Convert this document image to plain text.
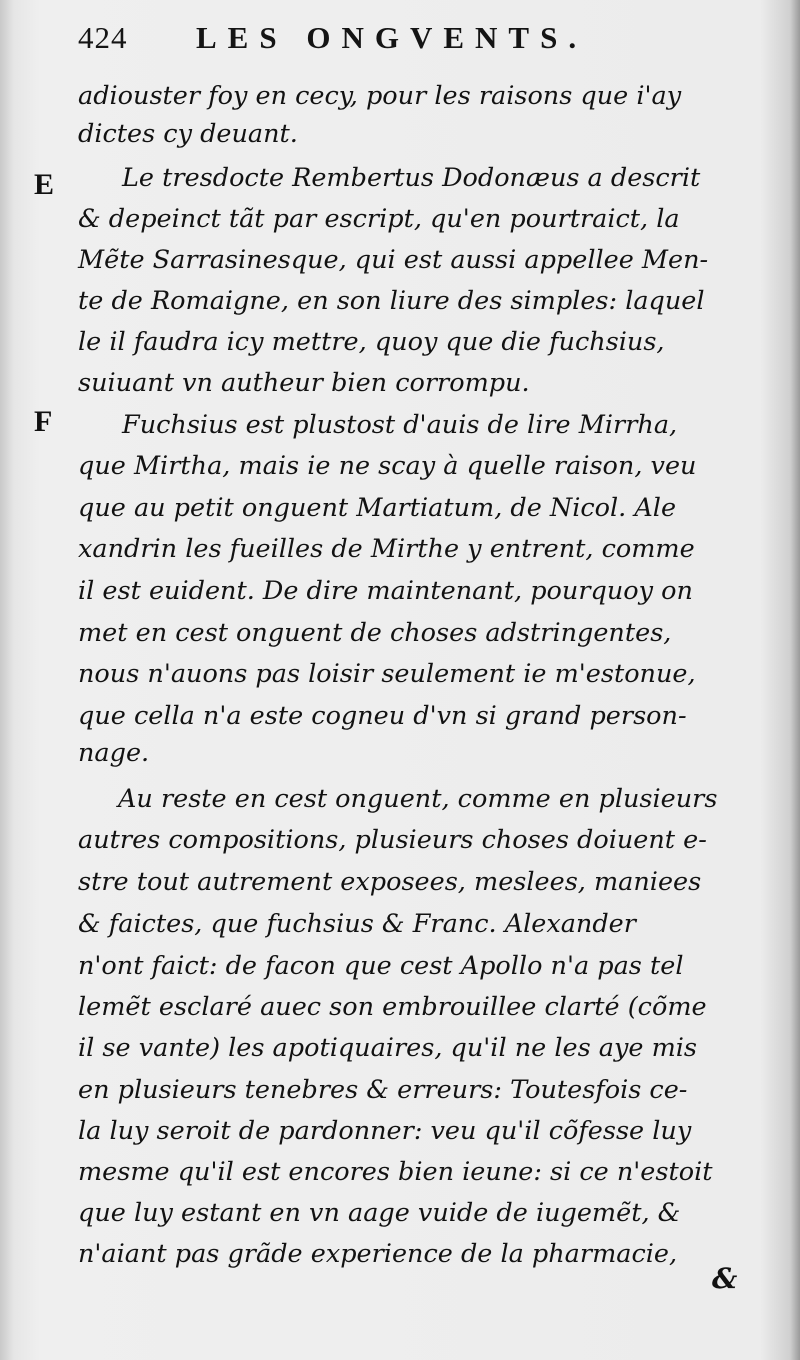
424 LES ONGVENTS.
E
F
adiouster foy en cecy, pour les raisons que i'ay
dictes cy deuant.
Le tresdocte Rembertus Dodonæus a descrit
& depeinct tãt par escript, qu'en pourtraict, la
Mẽte Sarrasinesque, qui est aussi appellee Men-
te de Romaigne, en son liure des simples: laquel
le il faudra icy mettre, quoy que die fuchsius,
suiuant vn autheur bien corrompu.
Fuchsius est plustost d'auis de lire Mirrha,
que Mirtha, mais ie ne scay à quelle raison, veu
que au petit onguent Martiatum, de Nicol. Ale
xandrin les fueilles de Mirthe y entrent, comme
il est euident. De dire maintenant, pourquoy on
met en cest onguent de choses adstringentes,
nous n'auons pas loisir seulement ie m'estonue,
que cella n'a este cogneu d'vn si grand person-
nage.
Au reste en cest onguent, comme en plusieurs
autres compositions, plusieurs choses doiuent e-
stre tout autrement exposees, meslees, maniees
& faictes, que fuchsius & Franc. Alexander
n'ont faict: de facon que cest Apollo n'a pas tel
lemẽt esclaré auec son embrouillee clarté (cõme
il se vante) les apotiquaires, qu'il ne les aye mis
en plusieurs tenebres & erreurs: Toutesfois ce-
la luy seroit de pardonner: veu qu'il cõfesse luy
mesme qu'il est encores bien ieune: si ce n'estoit
que luy estant en vn aage vuide de iugemẽt, &
n'aiant pas grãde experience de la pharmacie,
&
